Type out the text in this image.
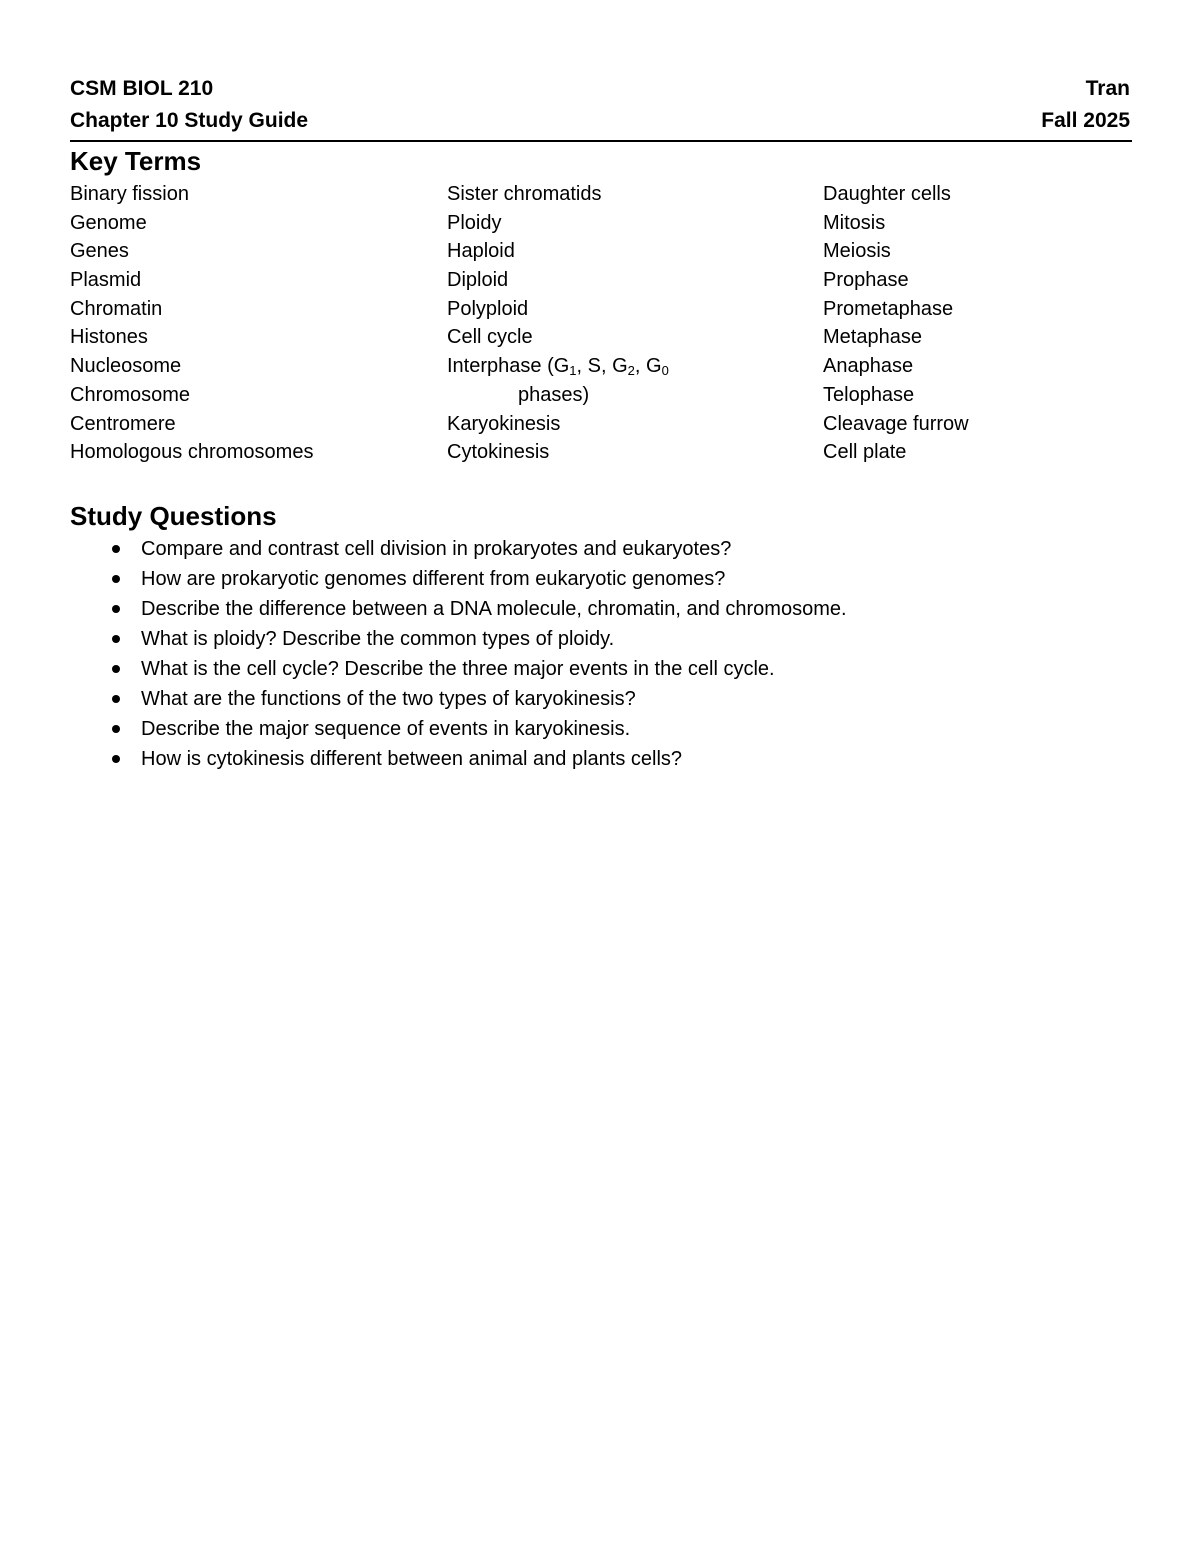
CSM BIOL 210	Tran
Chapter 10 Study Guide	Fall 2025
Key Terms
Binary fission
Genome
Genes
Plasmid
Chromatin
Histones
Nucleosome
Chromosome
Centromere
Homologous chromosomes
Sister chromatids
Ploidy
Haploid
Diploid
Polyploid
Cell cycle
Interphase ($G_1$, S, $G_2$, $G_0$
phases)
Karyokinesis
Cytokinesis
Daughter cells
Mitosis
Meiosis
Prophase
Prometaphase
Metaphase
Anaphase
Telophase
Cleavage furrow
Cell plate
Study Questions
Compare and contrast cell division in prokaryotes and eukaryotes?
How are prokaryotic genomes different from eukaryotic genomes?
Describe the difference between a DNA molecule, chromatin, and chromosome.
What is ploidy? Describe the common types of ploidy.
What is the cell cycle? Describe the three major events in the cell cycle.
What are the functions of the two types of karyokinesis?
Describe the major sequence of events in karyokinesis.
How is cytokinesis different between animal and plants cells?
